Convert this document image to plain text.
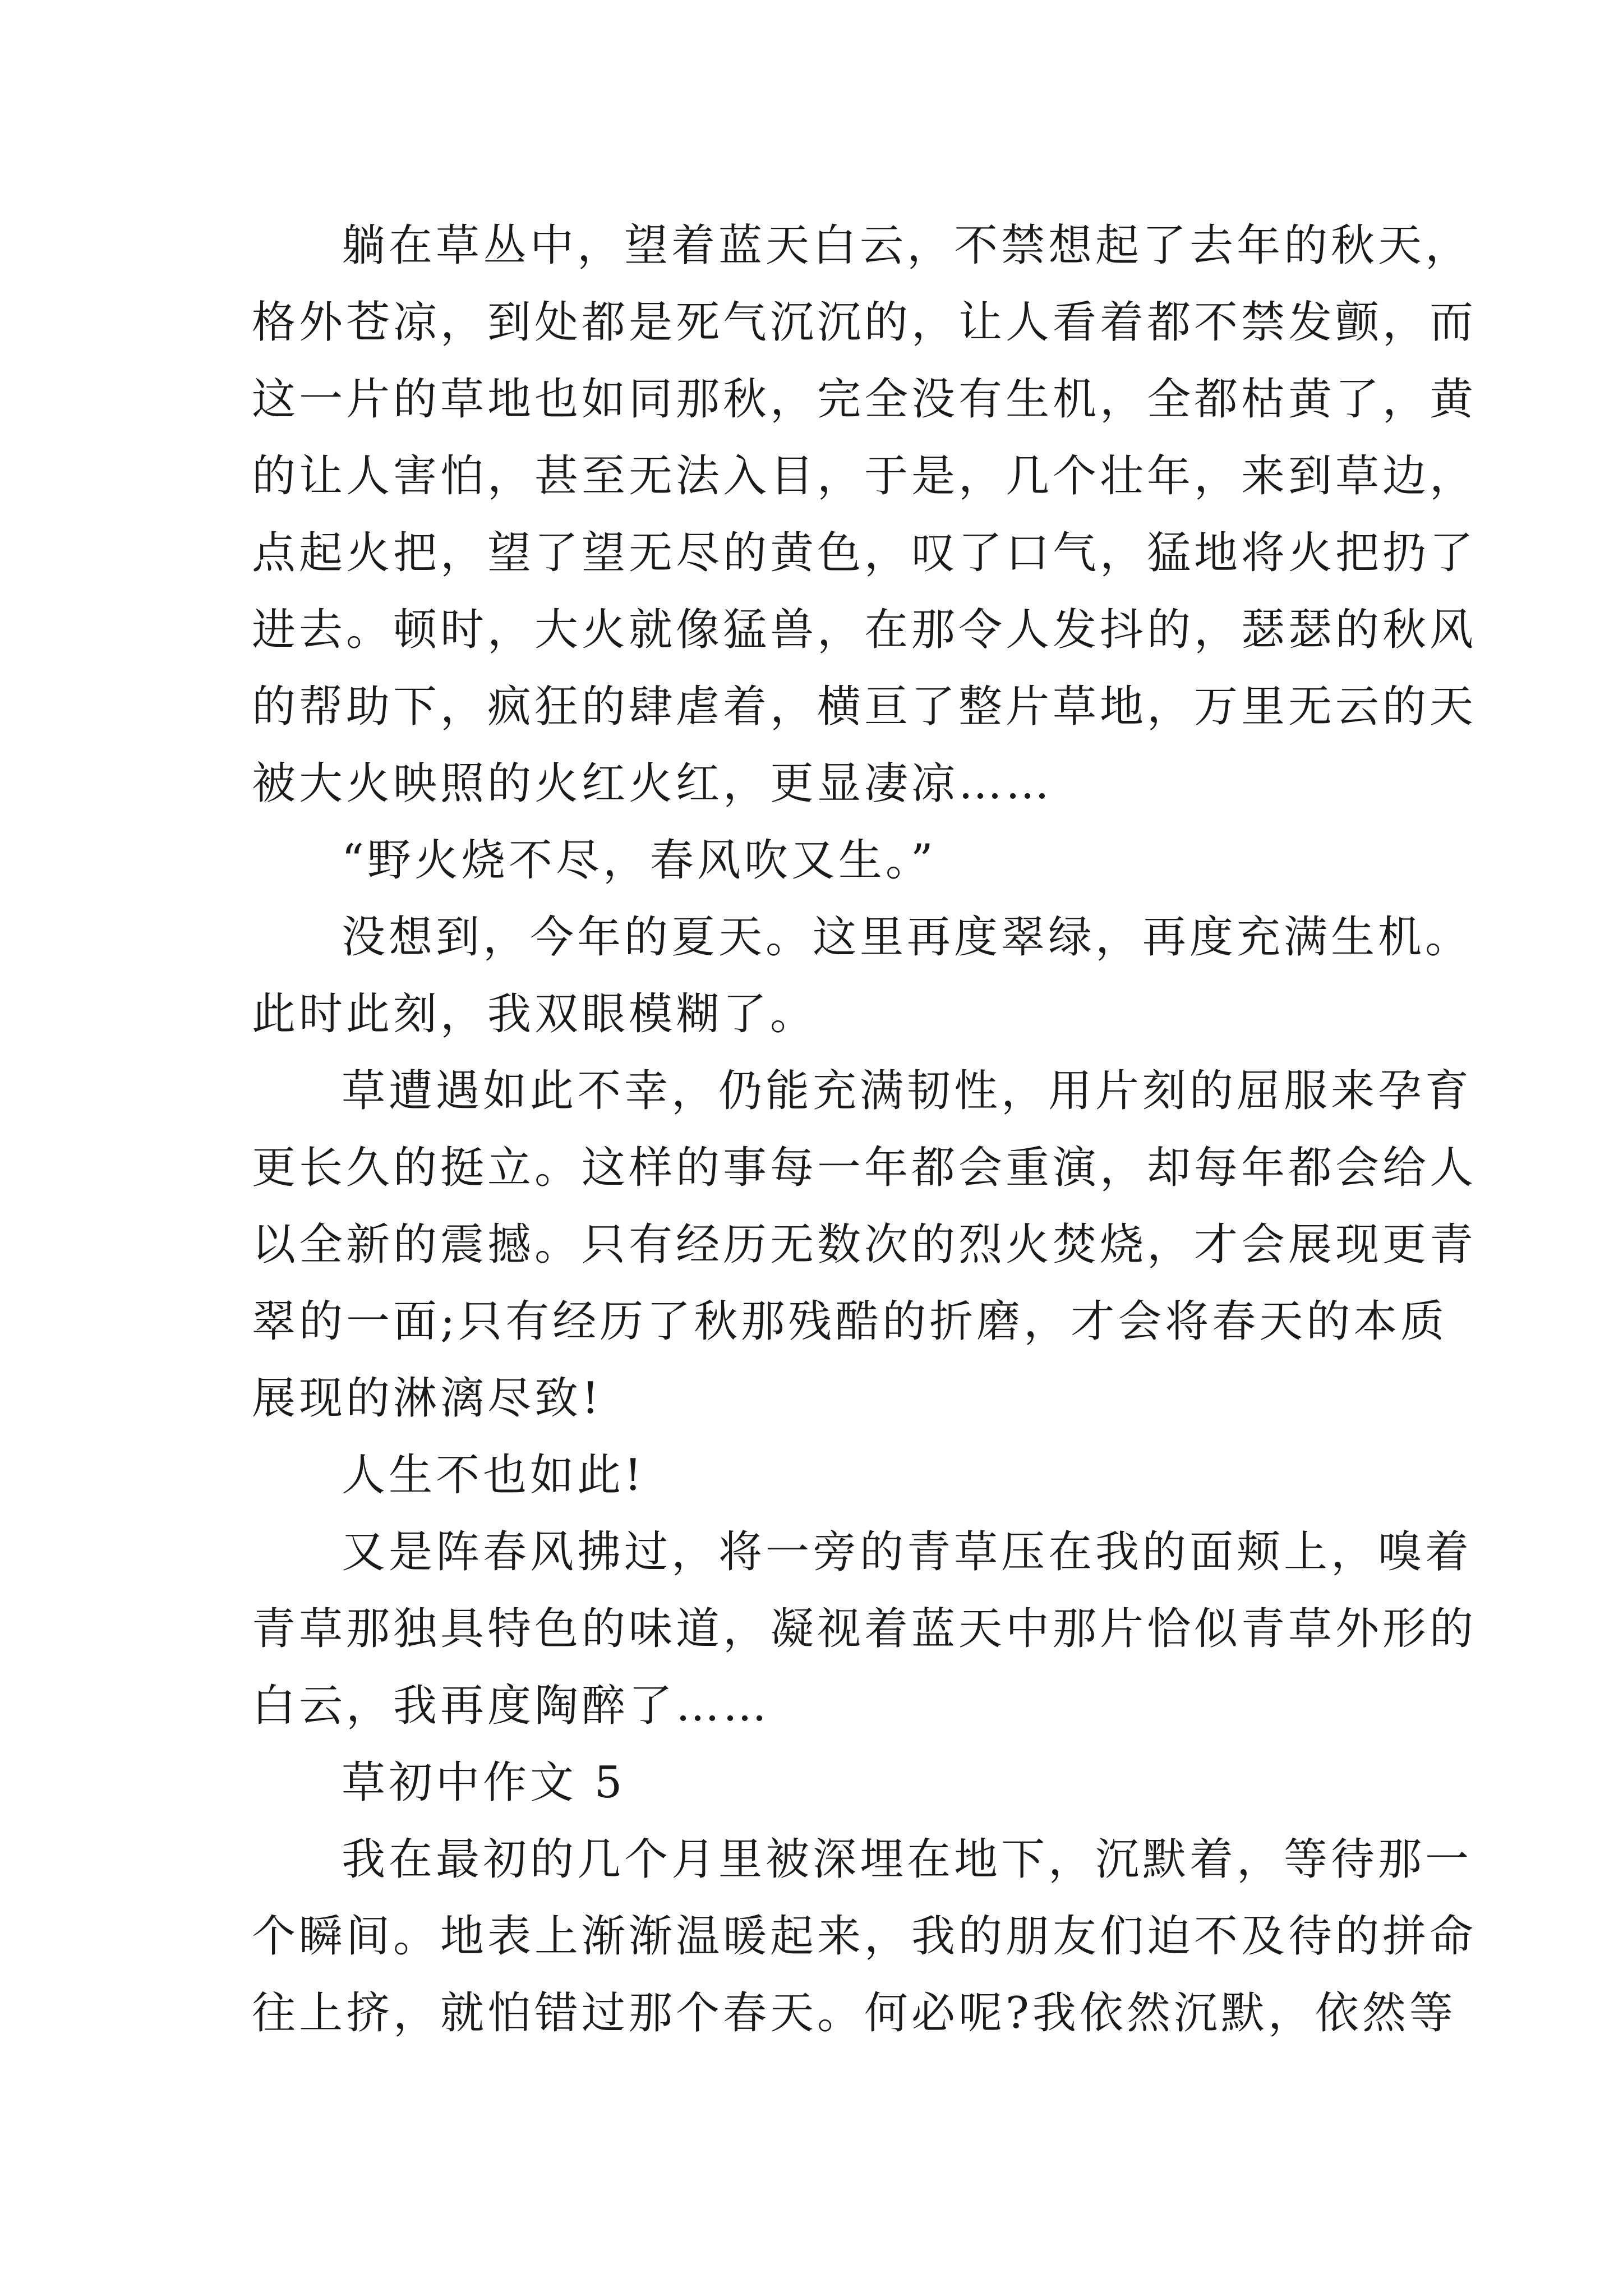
躺在草丛中，望着蓝天白云，不禁想起了去年的秋天，
格外苍凉，到处都是死气沉沉的，让人看着都不禁发颤，而
这一片的草地也如同那秋，完全没有生机，全都枯黄了，黄
的让人害怕，甚至无法入目，于是，几个壮年，来到草边，
点起火把，望了望无尽的黄色，叹了口气，猛地将火把扔了
进去。顿时，大火就像猛兽，在那令人发抖的，瑟瑟的秋风
的帮助下，疯狂的肆虐着，横亘了整片草地，万里无云的天
被大火映照的火红火红，更显凄凉……
“野火烧不尽，春风吹又生。”
没想到，今年的夏天。这里再度翠绿，再度充满生机。
此时此刻，我双眼模糊了。
草遭遇如此不幸，仍能充满韧性，用片刻的屈服来孕育
更长久的挺立。这样的事每一年都会重演，却每年都会给人
以全新的震撼。只有经历无数次的烈火焚烧，才会展现更青
翠的一面;只有经历了秋那残酷的折磨，才会将春天的本质
展现的淋漓尽致!
人生不也如此!
又是阵春风拂过，将一旁的青草压在我的面颊上，嗅着
青草那独具特色的味道，凝视着蓝天中那片恰似青草外形的
白云，我再度陶醉了……
草初中作文 5
我在最初的几个月里被深埋在地下，沉默着，等待那一
个瞬间。地表上渐渐温暖起来，我的朋友们迫不及待的拼命
往上挤，就怕错过那个春天。何必呢?我依然沉默，依然等
